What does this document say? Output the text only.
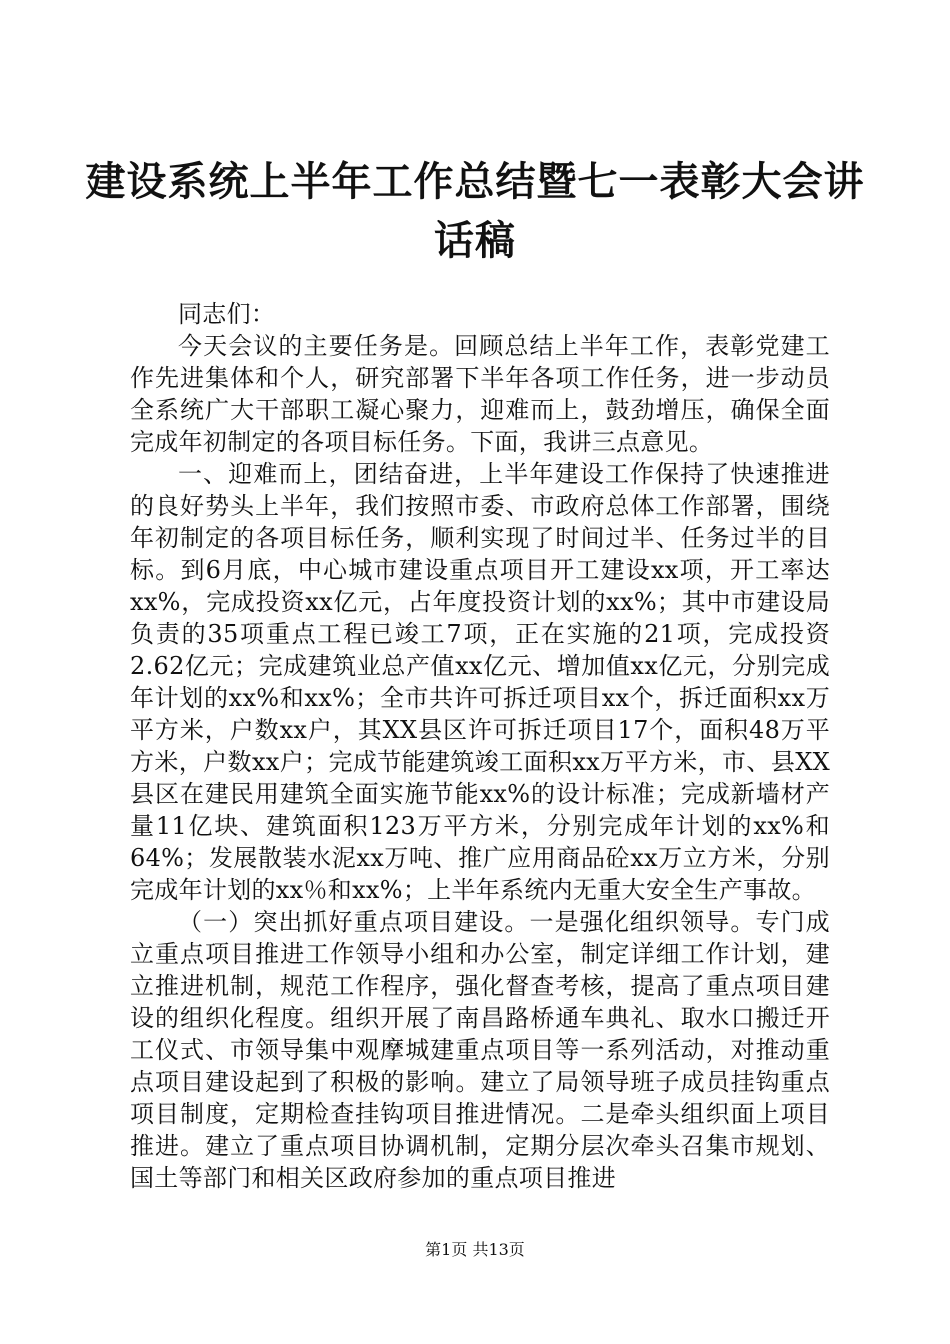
建设系统上半年工作总结暨七一表彰大会讲话稿

同志们：

今天会议的主要任务是。回顾总结上半年工作，表彰党建工作先进集体和个人，研究部署下半年各项工作任务，进一步动员全系统广大干部职工凝心聚力，迎难而上，鼓劲增压，确保全面完成年初制定的各项目标任务。下面，我讲三点意见。

一、迎难而上，团结奋进，上半年建设工作保持了快速推进的良好势头上半年，我们按照市委、市政府总体工作部署，围绕年初制定的各项目标任务，顺利实现了时间过半、任务过半的目标。到6月底，中心城市建设重点项目开工建设xx项，开工率达xx%，完成投资xx亿元，占年度投资计划的xx%；其中市建设局负责的35项重点工程已竣工7项，正在实施的21项，完成投资2.62亿元；完成建筑业总产值xx亿元、增加值xx亿元，分别完成年计划的xx%和xx%；全市共许可拆迁项目xx个，拆迁面积xx万平方米，户数xx户，其XX县区许可拆迁项目17个，面积48万平方米，户数xx户；完成节能建筑竣工面积xx万平方米，市、县XX县区在建民用建筑全面实施节能xx%的设计标准；完成新墙材产量11亿块、建筑面积123万平方米，分别完成年计划的xx%和64%；发展散装水泥xx万吨、推广应用商品砼xx万立方米，分别完成年计划的xx％和xx%；上半年系统内无重大安全生产事故。

（一）突出抓好重点项目建设。一是强化组织领导。专门成立重点项目推进工作领导小组和办公室，制定详细工作计划，建立推进机制，规范工作程序，强化督查考核，提高了重点项目建设的组织化程度。组织开展了南昌路桥通车典礼、取水口搬迁开工仪式、市领导集中观摩城建重点项目等一系列活动，对推动重点项目建设起到了积极的影响。建立了局领导班子成员挂钩重点项目制度，定期检查挂钩项目推进情况。二是牵头组织面上项目推进。建立了重点项目协调机制，定期分层次牵头召集市规划、国土等部门和相关区政府参加的重点项目推进

第1页 共13页
